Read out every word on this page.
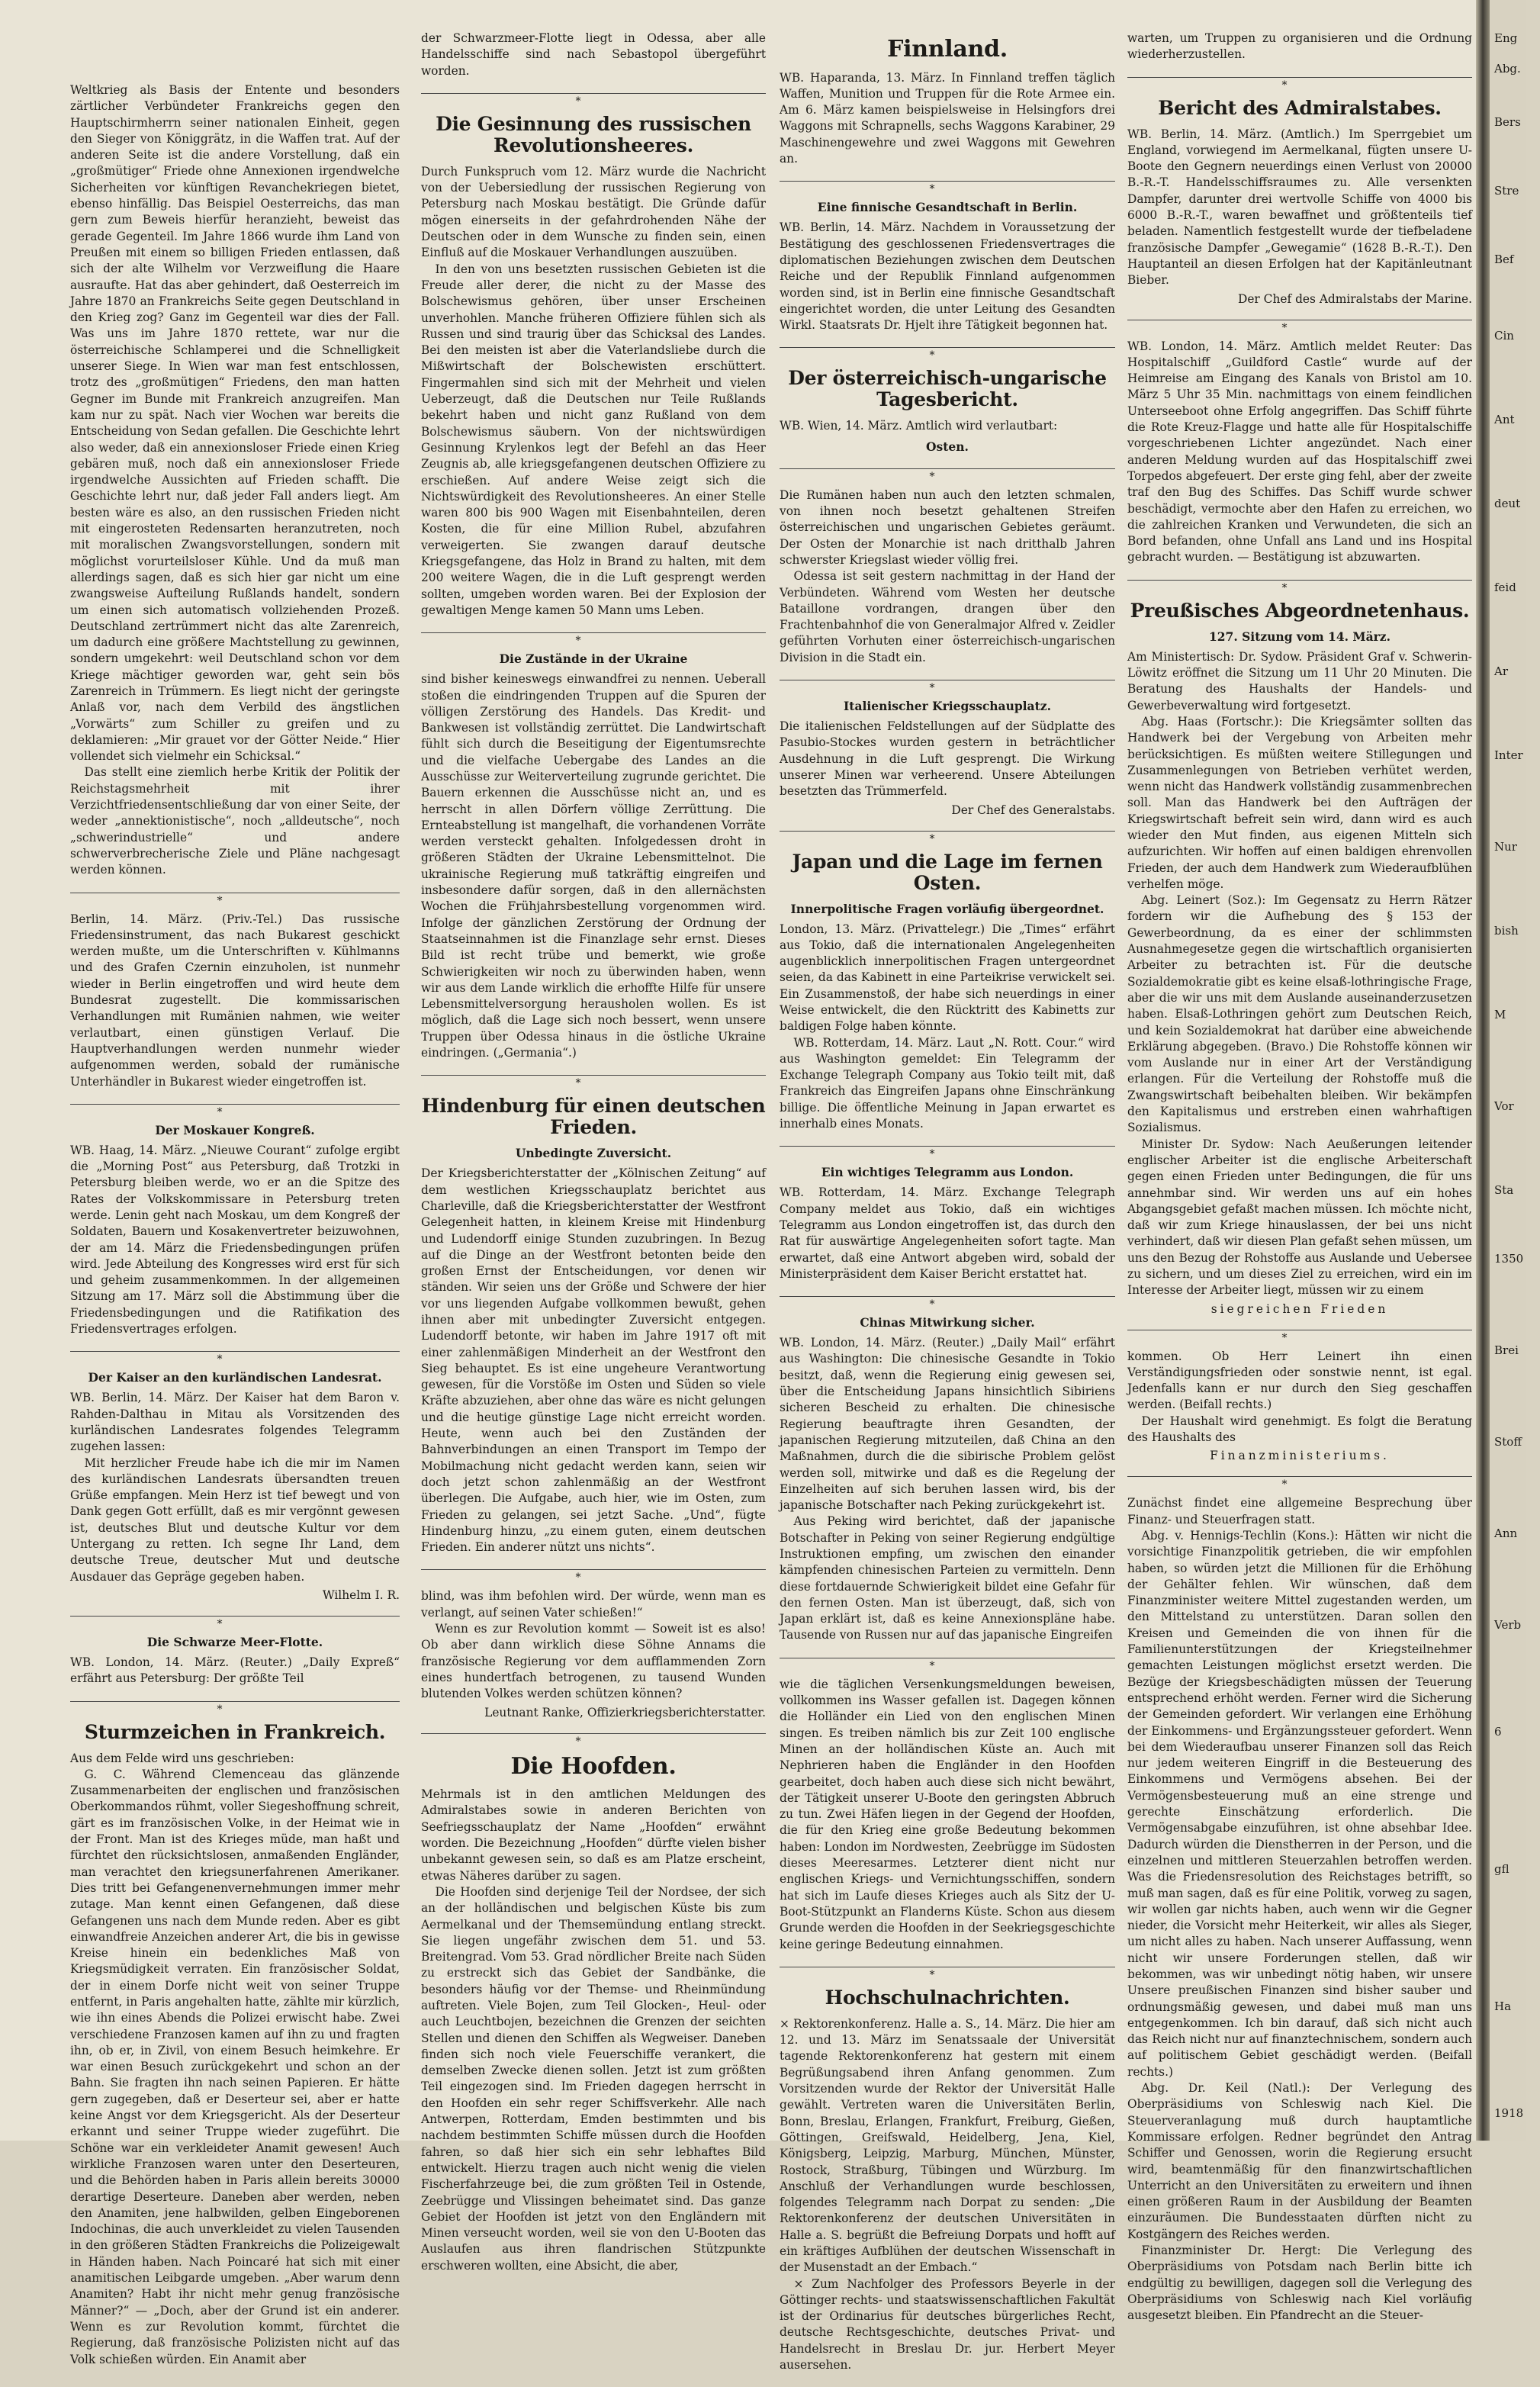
Weltkrieg als Basis der Entente und besonders zärtlicher Verbündeter Frankreichs gegen den Hauptschirmherrn seiner nationalen Einheit, gegen den Sieger von Königgrätz, in die Waffen trat. Auf der anderen Seite ist die andere Vorstellung, daß ein „großmütiger“ Friede ohne Annexionen irgendwelche Sicherheiten vor künftigen Revanchekriegen bietet, ebenso hinfällig. Das Beispiel Oesterreichs, das man gern zum Beweis hierfür heranzieht, beweist das gerade Gegenteil. Im Jahre 1866 wurde ihm Land von Preußen mit einem so billigen Frieden entlassen, daß sich der alte Wilhelm vor Verzweiflung die Haare ausraufte. Hat das aber gehindert, daß Oesterreich im Jahre 1870 an Frankreichs Seite gegen Deutschland in den Krieg zog? Ganz im Gegenteil war dies der Fall. Was uns im Jahre 1870 rettete, war nur die österreichische Schlamperei und die Schnelligkeit unserer Siege. In Wien war man fest entschlossen, trotz des „großmütigen“ Friedens, den man hatten Gegner im Bunde mit Frankreich anzugreifen. Man kam nur zu spät. Nach vier Wochen war bereits die Entscheidung von Sedan gefallen. Die Geschichte lehrt also weder, daß ein annexionsloser Friede einen Krieg gebären muß, noch daß ein annexionsloser Friede irgendwelche Aussichten auf Frieden schafft. Die Geschichte lehrt nur, daß jeder Fall anders liegt. Am besten wäre es also, an den russischen Frieden nicht mit eingerosteten Redensarten heranzutreten, noch mit moralischen Zwangsvorstellungen, sondern mit möglichst vorurteilsloser Kühle. Und da muß man allerdings sagen, daß es sich hier gar nicht um eine zwangsweise Aufteilung Rußlands handelt, sondern um einen sich automatisch vollziehenden Prozeß. Deutschland zertrümmert nicht das alte Zarenreich, um dadurch eine größere Machtstellung zu gewinnen, sondern umgekehrt: weil Deutschland schon vor dem Kriege mächtiger geworden war, geht sein bös Zarenreich in Trümmern. Es liegt nicht der geringste Anlaß vor, nach dem Verbild des ängstlichen „Vorwärts“ zum Schiller zu greifen und zu deklamieren: „Mir grauet vor der Götter Neide.“ Hier vollendet sich vielmehr ein Schicksal.“

Das stellt eine ziemlich herbe Kritik der Politik der Reichstagsmehrheit mit ihrer Verzichtfriedensentschließung dar von einer Seite, der weder „annektionistische“, noch „alldeutsche“, noch „schwerindustrielle“ und andere schwerverbrecherische Ziele und Pläne nachgesagt werden können.

*

Berlin, 14. März. (Priv.-Tel.) Das russische Friedensinstrument, das nach Bukarest geschickt werden mußte, um die Unterschriften v. Kühlmanns und des Grafen Czernin einzuholen, ist nunmehr wieder in Berlin eingetroffen und wird heute dem Bundesrat zugestellt. Die kommissarischen Verhandlungen mit Rumänien nahmen, wie weiter verlautbart, einen günstigen Verlauf. Die Hauptverhandlungen werden nunmehr wieder aufgenommen werden, sobald der rumänische Unterhändler in Bukarest wieder eingetroffen ist.

*
Der Moskauer Kongreß.

WB. Haag, 14. März. „Nieuwe Courant“ zufolge ergibt die „Morning Post“ aus Petersburg, daß Trotzki in Petersburg bleiben werde, wo er an die Spitze des Rates der Volkskommissare in Petersburg treten werde. Lenin geht nach Moskau, um dem Kongreß der Soldaten, Bauern und Kosakenvertreter beizuwohnen, der am 14. März die Friedensbedingungen prüfen wird. Jede Abteilung des Kongresses wird erst für sich und geheim zusammenkommen. In der allgemeinen Sitzung am 17. März soll die Abstimmung über die Friedensbedingungen und die Ratifikation des Friedensvertrages erfolgen.

*
Der Kaiser an den kurländischen Landesrat.

WB. Berlin, 14. März. Der Kaiser hat dem Baron v. Rahden-Dalthau in Mitau als Vorsitzenden des kurländischen Landesrates folgendes Telegramm zugehen lassen:

Mit herzlicher Freude habe ich die mir im Namen des kurländischen Landesrats übersandten treuen Grüße empfangen. Mein Herz ist tief bewegt und von Dank gegen Gott erfüllt, daß es mir vergönnt gewesen ist, deutsches Blut und deutsche Kultur vor dem Untergang zu retten. Ich segne Ihr Land, dem deutsche Treue, deutscher Mut und deutsche Ausdauer das Gepräge gegeben haben.

Wilhelm I. R.

*
Die Schwarze Meer-Flotte.

WB. London, 14. März. (Reuter.) „Daily Expreß“ erfährt aus Petersburg: Der größte Teil

*
Sturmzeichen in Frankreich.

Aus dem Felde wird uns geschrieben:

G. C. Während Clemenceau das glänzende Zusammenarbeiten der englischen und französischen Oberkommandos rühmt, voller Siegeshoffnung schreit, gärt es im französischen Volke, in der Heimat wie in der Front. Man ist des Krieges müde, man haßt und fürchtet den rücksichtslosen, anmaßenden Engländer, man verachtet den kriegsunerfahrenen Amerikaner. Dies tritt bei Gefangenenvernehmungen immer mehr zutage. Man kennt einen Gefangenen, daß diese Gefangenen uns nach dem Munde reden. Aber es gibt einwandfreie Anzeichen anderer Art, die bis in gewisse Kreise hinein ein bedenkliches Maß von Kriegsmüdigkeit verraten. Ein französischer Soldat, der in einem Dorfe nicht weit von seiner Truppe entfernt, in Paris angehalten hatte, zählte mir kürzlich, wie ihn eines Abends die Polizei erwischt habe. Zwei verschiedene Franzosen kamen auf ihn zu und fragten ihn, ob er, in Zivil, von einem Besuch heimkehre. Er war einen Besuch zurückgekehrt und schon an der Bahn. Sie fragten ihn nach seinen Papieren. Er hätte gern zugegeben, daß er Deserteur sei, aber er hatte keine Angst vor dem Kriegsgericht. Als der Deserteur erkannt und seiner Truppe wieder zugeführt. Die Schöne war ein verkleideter Anamit gewesen! Auch wirkliche Franzosen waren unter den Deserteuren, und die Behörden haben in Paris allein bereits 30000 derartige Deserteure. Daneben aber werden, neben den Anamiten, jene halbwilden, gelben Eingeborenen Indochinas, die auch unverkleidet zu vielen Tausenden in den größeren Städten Frankreichs die Polizeigewalt in Händen haben. Nach Poincaré hat sich mit einer anamitischen Leibgarde umgeben. „Aber warum denn Anamiten? Habt ihr nicht mehr genug französische Männer?“ — „Doch, aber der Grund ist ein anderer. Wenn es zur Revolution kommt, fürchtet die Regierung, daß französische Polizisten nicht auf das Volk schießen würden. Ein Anamit aber

der Schwarzmeer-Flotte liegt in Odessa, aber alle Handelsschiffe sind nach Sebastopol übergeführt worden.

*
Die Gesinnung des russischen Revolutionsheeres.

Durch Funkspruch vom 12. März wurde die Nachricht von der Uebersiedlung der russischen Regierung von Petersburg nach Moskau bestätigt. Die Gründe dafür mögen einerseits in der gefahrdrohenden Nähe der Deutschen oder in dem Wunsche zu finden sein, einen Einfluß auf die Moskauer Verhandlungen auszuüben.

In den von uns besetzten russischen Gebieten ist die Freude aller derer, die nicht zu der Masse des Bolschewismus gehören, über unser Erscheinen unverhohlen. Manche früheren Offiziere fühlen sich als Russen und sind traurig über das Schicksal des Landes. Bei den meisten ist aber die Vaterlandsliebe durch die Mißwirtschaft der Bolschewisten erschüttert. Fingermahlen sind sich mit der Mehrheit und vielen Ueberzeugt, daß die Deutschen nur Teile Rußlands bekehrt haben und nicht ganz Rußland von dem Bolschewismus säubern. Von der nichtswürdigen Gesinnung Krylenkos legt der Befehl an das Heer Zeugnis ab, alle kriegsgefangenen deutschen Offiziere zu erschießen. Auf andere Weise zeigt sich die Nichtswürdigkeit des Revolutionsheeres. An einer Stelle waren 800 bis 900 Wagen mit Eisenbahnteilen, deren Kosten, die für eine Million Rubel, abzufahren verweigerten. Sie zwangen darauf deutsche Kriegsgefangene, das Holz in Brand zu halten, mit dem 200 weitere Wagen, die in die Luft gesprengt werden sollten, umgeben worden waren. Bei der Explosion der gewaltigen Menge kamen 50 Mann ums Leben.

*
Die Zustände in der Ukraine

sind bisher keineswegs einwandfrei zu nennen. Ueberall stoßen die eindringenden Truppen auf die Spuren der völligen Zerstörung des Handels. Das Kredit- und Bankwesen ist vollständig zerrüttet. Die Landwirtschaft fühlt sich durch die Beseitigung der Eigentumsrechte und die vielfache Uebergabe des Landes an die Ausschüsse zur Weiterverteilung zugrunde gerichtet. Die Bauern erkennen die Ausschüsse nicht an, und es herrscht in allen Dörfern völlige Zerrüttung. Die Ernteabstellung ist mangelhaft, die vorhandenen Vorräte werden versteckt gehalten. Infolgedessen droht in größeren Städten der Ukraine Lebensmittelnot. Die ukrainische Regierung muß tatkräftig eingreifen und insbesondere dafür sorgen, daß in den allernächsten Wochen die Frühjahrsbestellung vorgenommen wird. Infolge der gänzlichen Zerstörung der Ordnung der Staatseinnahmen ist die Finanzlage sehr ernst. Dieses Bild ist recht trübe und bemerkt, wie große Schwierigkeiten wir noch zu überwinden haben, wenn wir aus dem Lande wirklich die erhoffte Hilfe für unsere Lebensmittelversorgung herausholen wollen. Es ist möglich, daß die Lage sich noch bessert, wenn unsere Truppen über Odessa hinaus in die östliche Ukraine eindringen. („Germania“.)

*
Hindenburg für einen deutschen Frieden.
Unbedingte Zuversicht.

Der Kriegsberichterstatter der „Kölnischen Zeitung“ auf dem westlichen Kriegsschauplatz berichtet aus Charleville, daß die Kriegsberichterstatter der Westfront Gelegenheit hatten, in kleinem Kreise mit Hindenburg und Ludendorff einige Stunden zuzubringen. In Bezug auf die Dinge an der Westfront betonten beide den großen Ernst der Entscheidungen, vor denen wir ständen. Wir seien uns der Größe und Schwere der hier vor uns liegenden Aufgabe vollkommen bewußt, gehen ihnen aber mit unbedingter Zuversicht entgegen. Ludendorff betonte, wir haben im Jahre 1917 oft mit einer zahlenmäßigen Minderheit an der Westfront den Sieg behauptet. Es ist eine ungeheure Verantwortung gewesen, für die Vorstöße im Osten und Süden so viele Kräfte abzuziehen, aber ohne das wäre es nicht gelungen und die heutige günstige Lage nicht erreicht worden. Heute, wenn auch bei den Zuständen der Bahnverbindungen an einen Transport im Tempo der Mobilmachung nicht gedacht werden kann, seien wir doch jetzt schon zahlenmäßig an der Westfront überlegen. Die Aufgabe, auch hier, wie im Osten, zum Frieden zu gelangen, sei jetzt Sache. „Und“, fügte Hindenburg hinzu, „zu einem guten, einem deutschen Frieden. Ein anderer nützt uns nichts“.

*

blind, was ihm befohlen wird. Der würde, wenn man es verlangt, auf seinen Vater schießen!“

Wenn es zur Revolution kommt — Soweit ist es also! Ob aber dann wirklich diese Söhne Annams die französische Regierung vor dem aufflammenden Zorn eines hundertfach betrogenen, zu tausend Wunden blutenden Volkes werden schützen können?

Leutnant Ranke, Offizierkriegsberichterstatter.

*
Die Hoofden.

Mehrmals ist in den amtlichen Meldungen des Admiralstabes sowie in anderen Berichten von Seefriegsschauplatz der Name „Hoofden“ erwähnt worden. Die Bezeichnung „Hoofden“ dürfte vielen bisher unbekannt gewesen sein, so daß es am Platze erscheint, etwas Näheres darüber zu sagen.

Die Hoofden sind derjenige Teil der Nordsee, der sich an der holländischen und belgischen Küste bis zum Aermelkanal und der Themsemündung entlang streckt. Sie liegen ungefähr zwischen dem 51. und 53. Breitengrad. Vom 53. Grad nördlicher Breite nach Süden zu erstreckt sich das Gebiet der Sandbänke, die besonders häufig vor der Themse- und Rheinmündung auftreten. Viele Bojen, zum Teil Glocken-, Heul- oder auch Leuchtbojen, bezeichnen die Grenzen der seichten Stellen und dienen den Schiffen als Wegweiser. Daneben finden sich noch viele Feuerschiffe verankert, die demselben Zwecke dienen sollen. Jetzt ist zum größten Teil eingezogen sind. Im Frieden dagegen herrscht in den Hoofden ein sehr reger Schiffsverkehr. Alle nach Antwerpen, Rotterdam, Emden bestimmten und bis nachdem bestimmten Schiffe müssen durch die Hoofden fahren, so daß hier sich ein sehr lebhaftes Bild entwickelt. Hierzu tragen auch nicht wenig die vielen Fischerfahrzeuge bei, die zum größten Teil in Ostende, Zeebrügge und Vlissingen beheimatet sind. Das ganze Gebiet der Hoofden ist jetzt von den Engländern mit Minen verseucht worden, weil sie von den U-Booten das Auslaufen aus ihren flandrischen Stützpunkte erschweren wollten, eine Absicht, die aber,

Finnland.

WB. Haparanda, 13. März. In Finnland treffen täglich Waffen, Munition und Truppen für die Rote Armee ein. Am 6. März kamen beispielsweise in Helsingfors drei Waggons mit Schrapnells, sechs Waggons Karabiner, 29 Maschinengewehre und zwei Waggons mit Gewehren an.

*
Eine finnische Gesandtschaft in Berlin.

WB. Berlin, 14. März. Nachdem in Voraussetzung der Bestätigung des geschlossenen Friedensvertrages die diplomatischen Beziehungen zwischen dem Deutschen Reiche und der Republik Finnland aufgenommen worden sind, ist in Berlin eine finnische Gesandtschaft eingerichtet worden, die unter Leitung des Gesandten Wirkl. Staatsrats Dr. Hjelt ihre Tätigkeit begonnen hat.

*
Der österreichisch-ungarische Tagesbericht.

WB. Wien, 14. März. Amtlich wird verlautbart:

Osten.
*

Die Rumänen haben nun auch den letzten schmalen, von ihnen noch besetzt gehaltenen Streifen österreichischen und ungarischen Gebietes geräumt. Der Osten der Monarchie ist nach dritthalb Jahren schwerster Kriegslast wieder völlig frei.

Odessa ist seit gestern nachmittag in der Hand der Verbündeten. Während vom Westen her deutsche Bataillone vordrangen, drangen über den Frachtenbahnhof die von Generalmajor Alfred v. Zeidler geführten Vorhuten einer österreichisch-ungarischen Division in die Stadt ein.

*
Italienischer Kriegsschauplatz.

Die italienischen Feldstellungen auf der Südplatte des Pasubio-Stockes wurden gestern in beträchtlicher Ausdehnung in die Luft gesprengt. Die Wirkung unserer Minen war verheerend. Unsere Abteilungen besetzten das Trümmerfeld.

Der Chef des Generalstabs.

*
Japan und die Lage im fernen Osten.
Innerpolitische Fragen vorläufig übergeordnet.

London, 13. März. (Privattelegr.) Die „Times“ erfährt aus Tokio, daß die internationalen Angelegenheiten augenblicklich innerpolitischen Fragen untergeordnet seien, da das Kabinett in eine Parteikrise verwickelt sei. Ein Zusammenstoß, der habe sich neuerdings in einer Weise entwickelt, die den Rücktritt des Kabinetts zur baldigen Folge haben könnte.

WB. Rotterdam, 14. März. Laut „N. Rott. Cour.“ wird aus Washington gemeldet: Ein Telegramm der Exchange Telegraph Company aus Tokio teilt mit, daß Frankreich das Eingreifen Japans ohne Einschränkung billige. Die öffentliche Meinung in Japan erwartet es innerhalb eines Monats.

*
Ein wichtiges Telegramm aus London.

WB. Rotterdam, 14. März. Exchange Telegraph Company meldet aus Tokio, daß ein wichtiges Telegramm aus London eingetroffen ist, das durch den Rat für auswärtige Angelegenheiten sofort tagte. Man erwartet, daß eine Antwort abgeben wird, sobald der Ministerpräsident dem Kaiser Bericht erstattet hat.

*
Chinas Mitwirkung sicher.

WB. London, 14. März. (Reuter.) „Daily Mail“ erfährt aus Washington: Die chinesische Gesandte in Tokio besitzt, daß, wenn die Regierung einig gewesen sei, über die Entscheidung Japans hinsichtlich Sibiriens sicheren Bescheid zu erhalten. Die chinesische Regierung beauftragte ihren Gesandten, der japanischen Regierung mitzuteilen, daß China an den Maßnahmen, durch die die sibirische Problem gelöst werden soll, mitwirke und daß es die Regelung der Einzelheiten auf sich beruhen lassen wird, bis der japanische Botschafter nach Peking zurückgekehrt ist.

Aus Peking wird berichtet, daß der japanische Botschafter in Peking von seiner Regierung endgültige Instruktionen empfing, um zwischen den einander kämpfenden chinesischen Parteien zu vermitteln. Denn diese fortdauernde Schwierigkeit bildet eine Gefahr für den fernen Osten. Man ist überzeugt, daß, sich von Japan erklärt ist, daß es keine Annexionspläne habe. Tausende von Russen nur auf das japanische Eingreifen

*

wie die täglichen Versenkungsmeldungen beweisen, vollkommen ins Wasser gefallen ist. Dagegen können die Holländer ein Lied von den englischen Minen singen. Es treiben nämlich bis zur Zeit 100 englische Minen an der holländischen Küste an. Auch mit Nephrieren haben die Engländer in den Hoofden gearbeitet, doch haben auch diese sich nicht bewährt, der Tätigkeit unserer U-Boote den geringsten Abbruch zu tun. Zwei Häfen liegen in der Gegend der Hoofden, die für den Krieg eine große Bedeutung bekommen haben: London im Nordwesten, Zeebrügge im Südosten dieses Meeresarmes. Letzterer dient nicht nur englischen Kriegs- und Vernichtungsschiffen, sondern hat sich im Laufe dieses Krieges auch als Sitz der U-Boot-Stützpunkt an Flanderns Küste. Schon aus diesem Grunde werden die Hoofden in der Seekriegsgeschichte keine geringe Bedeutung einnahmen.

*
Hochschulnachrichten.

× Rektorenkonferenz. Halle a. S., 14. März. Die hier am 12. und 13. März im Senatssaale der Universität tagende Rektorenkonferenz hat gestern mit einem Begrüßungsabend ihren Anfang genommen. Zum Vorsitzenden wurde der Rektor der Universität Halle gewählt. Vertreten waren die Universitäten Berlin, Bonn, Breslau, Erlangen, Frankfurt, Freiburg, Gießen, Göttingen, Greifswald, Heidelberg, Jena, Kiel, Königsberg, Leipzig, Marburg, München, Münster, Rostock, Straßburg, Tübingen und Würzburg. Im Anschluß der Verhandlungen wurde beschlossen, folgendes Telegramm nach Dorpat zu senden: „Die Rektorenkonferenz der deutschen Universitäten in Halle a. S. begrüßt die Befreiung Dorpats und hofft auf ein kräftiges Aufblühen der deutschen Wissenschaft in der Musenstadt an der Embach.“

× Zum Nachfolger des Professors Beyerle in der Göttinger rechts- und staatswissenschaftlichen Fakultät ist der Ordinarius für deutsches bürgerliches Recht, deutsche Rechtsgeschichte, deutsches Privat- und Handelsrecht in Breslau Dr. jur. Herbert Meyer ausersehen.

warten, um Truppen zu organisieren und die Ordnung wiederherzustellen.

*
Bericht des Admiralstabes.

WB. Berlin, 14. März. (Amtlich.) Im Sperrgebiet um England, vorwiegend im Aermelkanal, fügten unsere U-Boote den Gegnern neuerdings einen Verlust von 20000 B.-R.-T. Handelsschiffsraumes zu. Alle versenkten Dampfer, darunter drei wertvolle Schiffe von 4000 bis 6000 B.-R.-T., waren bewaffnet und größtenteils tief beladen. Namentlich festgestellt wurde der tiefbeladene französische Dampfer „Gewegamie“ (1628 B.-R.-T.). Den Hauptanteil an diesen Erfolgen hat der Kapitänleutnant Bieber.

Der Chef des Admiralstabs der Marine.

*

WB. London, 14. März. Amtlich meldet Reuter: Das Hospitalschiff „Guildford Castle“ wurde auf der Heimreise am Eingang des Kanals von Bristol am 10. März 5 Uhr 35 Min. nachmittags von einem feindlichen Unterseeboot ohne Erfolg angegriffen. Das Schiff führte die Rote Kreuz-Flagge und hatte alle für Hospitalschiffe vorgeschriebenen Lichter angezündet. Nach einer anderen Meldung wurden auf das Hospitalschiff zwei Torpedos abgefeuert. Der erste ging fehl, aber der zweite traf den Bug des Schiffes. Das Schiff wurde schwer beschädigt, vermochte aber den Hafen zu erreichen, wo die zahlreichen Kranken und Verwundeten, die sich an Bord befanden, ohne Unfall ans Land und ins Hospital gebracht wurden. — Bestätigung ist abzuwarten.

*
Preußisches Abgeordnetenhaus.
127. Sitzung vom 14. März.

Am Ministertisch: Dr. Sydow. Präsident Graf v. Schwerin-Löwitz eröffnet die Sitzung um 11 Uhr 20 Minuten. Die Beratung des Haushalts der Handels- und Gewerbeverwaltung wird fortgesetzt.

Abg. Haas (Fortschr.): Die Kriegsämter sollten das Handwerk bei der Vergebung von Arbeiten mehr berücksichtigen. Es müßten weitere Stillegungen und Zusammenlegungen von Betrieben verhütet werden, wenn nicht das Handwerk vollständig zusammenbrechen soll. Man das Handwerk bei den Aufträgen der Kriegswirtschaft befreit sein wird, dann wird es auch wieder den Mut finden, aus eigenen Mitteln sich aufzurichten. Wir hoffen auf einen baldigen ehrenvollen Frieden, der auch dem Handwerk zum Wiederaufblühen verhelfen möge.

Abg. Leinert (Soz.): Im Gegensatz zu Herrn Rätzer fordern wir die Aufhebung des § 153 der Gewerbeordnung, da es einer der schlimmsten Ausnahmegesetze gegen die wirtschaftlich organisierten Arbeiter zu betrachten ist. Für die deutsche Sozialdemokratie gibt es keine elsaß-lothringische Frage, aber die wir uns mit dem Auslande auseinanderzusetzen haben. Elsaß-Lothringen gehört zum Deutschen Reich, und kein Sozialdemokrat hat darüber eine abweichende Erklärung abgegeben. (Bravo.) Die Rohstoffe können wir vom Auslande nur in einer Art der Verständigung erlangen. Für die Verteilung der Rohstoffe muß die Zwangswirtschaft beibehalten bleiben. Wir bekämpfen den Kapitalismus und erstreben einen wahrhaftigen Sozialismus.

Minister Dr. Sydow: Nach Aeußerungen leitender englischer Arbeiter ist die englische Arbeiterschaft gegen einen Frieden unter Bedingungen, die für uns annehmbar sind. Wir werden uns auf ein hohes Abgangsgebiet gefaßt machen müssen. Ich möchte nicht, daß wir zum Kriege hinauslassen, der bei uns nicht verhindert, daß wir diesen Plan gefaßt sehen müssen, um uns den Bezug der Rohstoffe aus Auslande und Uebersee zu sichern, und um dieses Ziel zu erreichen, wird ein im Interesse der Arbeiter liegt, müssen wir zu einem

siegreichen Frieden

*

kommen. Ob Herr Leinert ihn einen Verständigungsfrieden oder sonstwie nennt, ist egal. Jedenfalls kann er nur durch den Sieg geschaffen werden. (Beifall rechts.)

Der Haushalt wird genehmigt. Es folgt die Beratung des Haushalts des

Finanzministeriums.

*

Zunächst findet eine allgemeine Besprechung über Finanz- und Steuerfragen statt.

Abg. v. Hennigs-Techlin (Kons.): Hätten wir nicht die vorsichtige Finanzpolitik getrieben, die wir empfohlen haben, so würden jetzt die Millionen für die Erhöhung der Gehälter fehlen. Wir wünschen, daß dem Finanzminister weitere Mittel zugestanden werden, um den Mittelstand zu unterstützen. Daran sollen den Kreisen und Gemeinden die von ihnen für die Familienunterstützungen der Kriegsteilnehmer gemachten Leistungen möglichst ersetzt werden. Die Bezüge der Kriegsbeschädigten müssen der Teuerung entsprechend erhöht werden. Ferner wird die Sicherung der Gemeinden gefordert. Wir verlangen eine Erhöhung der Einkommens- und Ergänzungssteuer gefordert. Wenn bei dem Wiederaufbau unserer Finanzen soll das Reich nur jedem weiteren Eingriff in die Besteuerung des Einkommens und Vermögens absehen. Bei der Vermögensbesteuerung muß an eine strenge und gerechte Einschätzung erforderlich. Die Vermögensabgabe einzuführen, ist ohne absehbar Idee. Dadurch würden die Dienstherren in der Person, und die einzelnen und mittleren Steuerzahlen betroffen werden. Was die Friedensresolution des Reichstages betrifft, so muß man sagen, daß es für eine Politik, vorweg zu sagen, wir wollen gar nichts haben, auch wenn wir die Gegner nieder, die Vorsicht mehr Heiterkeit, wir alles als Sieger, um nicht alles zu haben. Nach unserer Auffassung, wenn nicht wir unsere Forderungen stellen, daß wir bekommen, was wir unbedingt nötig haben, wir unsere Unsere preußischen Finanzen sind bisher sauber und ordnungsmäßig gewesen, und dabei muß man uns entgegenkommen. Ich bin darauf, daß sich nicht auch das Reich nicht nur auf finanztechnischem, sondern auch auf politischem Gebiet geschädigt werden. (Beifall rechts.)

Abg. Dr. Keil (Natl.): Der Verlegung des Oberpräsidiums von Schleswig nach Kiel. Die Steuerveranlagung muß durch hauptamtliche Kommissare erfolgen. Redner begründet den Antrag Schiffer und Genossen, worin die Regierung ersucht wird, beamtenmäßig für den finanzwirtschaftlichen Unterricht an den Universitäten zu erweitern und ihnen einen größeren Raum in der Ausbildung der Beamten einzuräumen. Die Bundesstaaten dürften nicht zu Kostgängern des Reiches werden.

Finanzminister Dr. Hergt: Die Verlegung des Oberpräsidiums von Potsdam nach Berlin bitte ich endgültig zu bewilligen, dagegen soll die Verlegung des Oberpräsidiums von Schleswig nach Kiel vorläufig ausgesetzt bleiben. Ein Pfandrecht an die Steuer-

Eng
Abg.
Bers
Stre
Bef
Cin
Ant
deut
feid
Ar
Inter
Nur
bish
M
Vor
Sta
1350
Brei
Stoff
Ann
Verb
6
gfl
Ha
1918
